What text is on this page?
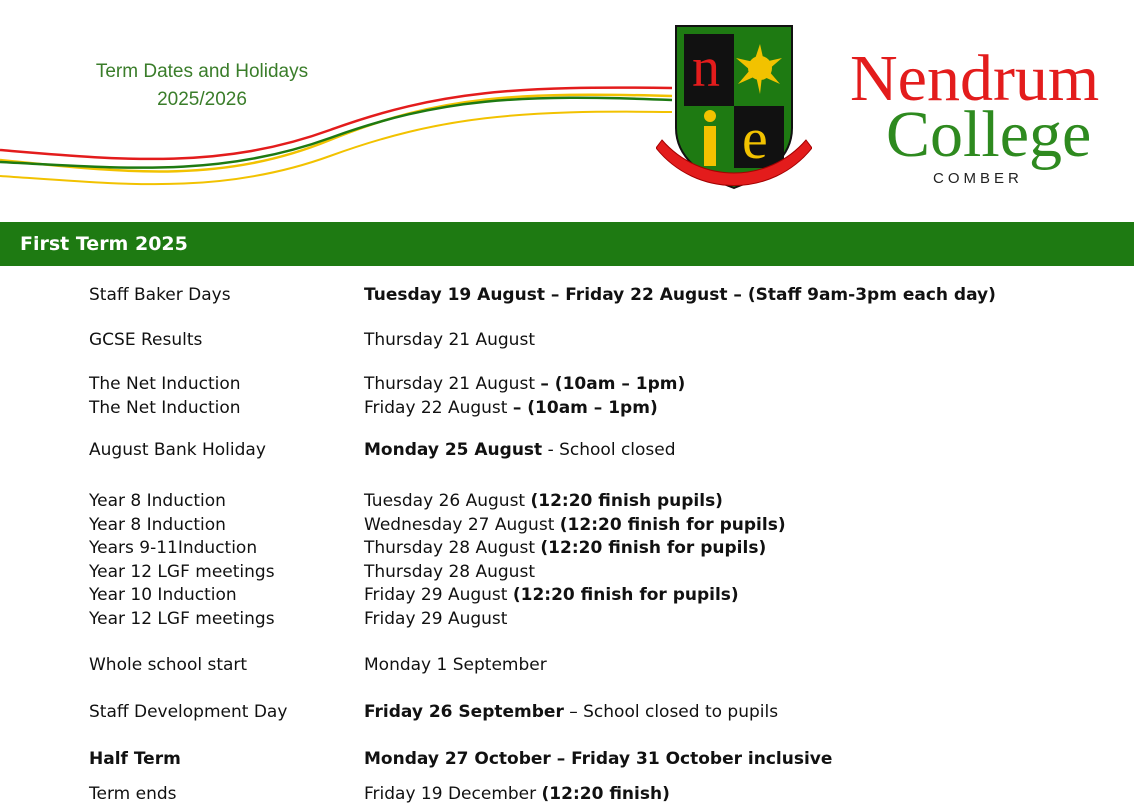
Term Dates and Holidays
2025/2026
n
e
Nendrum
College
COMBER
First Term 2025
Staff Baker Days	Tuesday 19 August – Friday 22 August – (Staff 9am-3pm each day)
GCSE Results	Thursday 21 August
The Net Induction	Thursday 21 August – (10am – 1pm)
The Net Induction	Friday 22 August – (10am – 1pm)
August Bank Holiday	Monday 25 August - School closed
Year 8 Induction	Tuesday 26 August (12:20 finish pupils)
Year 8 Induction	Wednesday 27 August (12:20 finish for pupils)
Years 9-11Induction	Thursday 28 August (12:20 finish for pupils)
Year 12 LGF meetings	Thursday 28 August
Year 10 Induction	Friday 29 August (12:20 finish for pupils)
Year 12 LGF meetings	Friday 29 August
Whole school start	Monday 1 September
Staff Development Day	Friday 26 September – School closed to pupils
Half Term	Monday 27 October – Friday 31 October inclusive
Term ends	Friday 19 December (12:20 finish)
